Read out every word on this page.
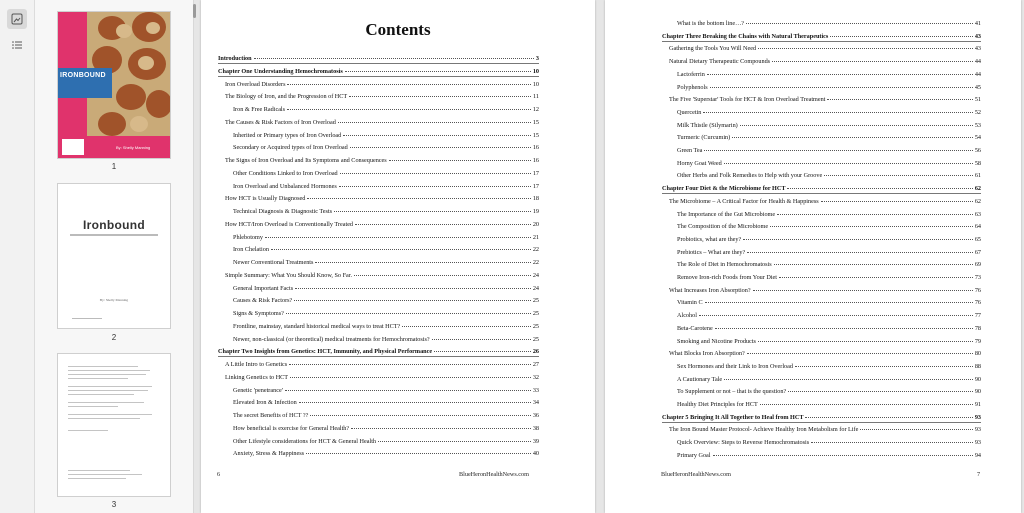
IRONBOUND
By: Shelly Manning
1
Ironbound
By: Shelly Manning
2
3
Contents
Introduction	3
Chapter One Understanding Hemochromatosis	10
Iron Overload Disorders	10
The Biology of Iron, and the Progression of HCT	11
Iron & Free Radicals	12
The Causes & Risk Factors of Iron Overload	15
Inherited or Primary types of Iron Overload	15
Secondary or Acquired types of Iron Overload	16
The Signs of Iron Overload and Its Symptoms and Consequences	16
Other Conditions Linked to Iron Overload	17
Iron Overload and Unbalanced Hormones	17
How HCT is Usually Diagnosed	18
Technical Diagnosis & Diagnostic Tests	19
How HCT/Iron Overload is Conventionally Treated	20
Phlebotomy	21
Iron Chelation	22
Newer Conventional Treatments	22
Simple Summary: What You Should Know, So Far.	24
General Important Facts	24
Causes & Risk Factors?	25
Signs & Symptoms?	25
Frontline, mainstay, standard historical medical ways to treat HCT?	25
Newer, non-classical (or theoretical) medical treatments for Hemochromatosis?	25
Chapter Two Insights from Genetics: HCT, Immunity, and Physical Performance	26
A Little Intro to Genetics	27
Linking Genetics to HCT	32
Genetic 'penetrance'	33
Elevated Iron & Infection	34
The secret Benefits of HCT ??	36
How beneficial is exercise for General Health?	38
Other Lifestyle considerations for HCT & General Health	39
Anxiety, Stress & Happiness	40
6	BlueHeronHealthNews.com
What is the bottom line…?	41
Chapter Three Breaking the Chains with Natural Therapeutics	43
Gathering the Tools You Will Need	43
Natural Dietary Therapeutic Compounds	44
Lactoferrin	44
Polyphenols	45
The Five 'Superstar' Tools for HCT & Iron Overload Treatment	51
Quercetin	52
Milk Thistle (Silymarin)	53
Turmeric (Curcumin)	54
Green Tea	56
Horny Goat Weed	58
Other Herbs and Folk Remedies to Help with your Groove	61
Chapter Four Diet & the Microbiome for HCT	62
The Microbiome – A Critical Factor for Health & Happiness	62
The Importance of the Gut Microbiome	63
The Composition of the Microbiome	64
Probiotics, what are they?	65
Prebiotics – What are they?	67
The Role of Diet in Hemochromatosis	69
Remove Iron-rich Foods from Your Diet	73
What Increases Iron Absorption?	76
Vitamin C	76
Alcohol	77
Beta-Carotene	78
Smoking and Nicotine Products	79
What Blocks Iron Absorption?	80
Sex Hormones and their Link to Iron Overload	88
A Cautionary Tale	90
To Supplement or not – that is the question?	90
Healthy Diet Principles for HCT	91
Chapter 5 Bringing It All Together to Heal from HCT	93
The Iron Bound Master Protocol- Achieve Healthy Iron Metabolism for Life	93
Quick Overview: Steps to Reverse Hemochromatosis	93
Primary Goal	94
BlueHeronHealthNews.com	7
